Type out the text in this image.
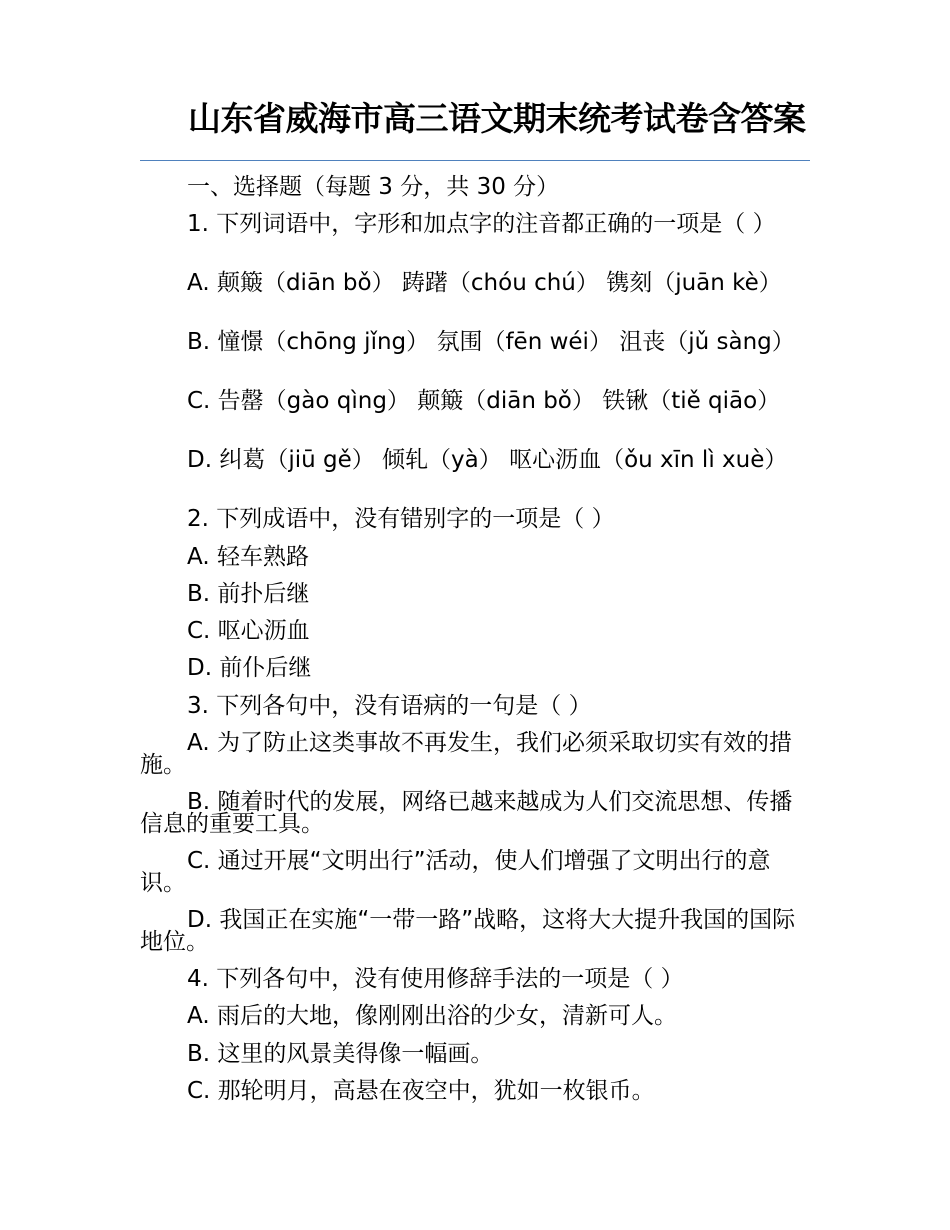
山东省威海市高三语文期末统考试卷含答案

一、选择题（每题 3 分，共 30 分）

1. 下列词语中，字形和加点字的注音都正确的一项是（ ）

A. 颠簸（diān bǒ） 踌躇（chóu chú） 镌刻（juān kè）

B. 憧憬（chōng jǐng） 氛围（fēn wéi） 沮丧（jǔ sàng）

C. 告罄（gào qìng） 颠簸（diān bǒ） 铁锹（tiě qiāo）

D. 纠葛（jiū gě） 倾轧（yà） 呕心沥血（ǒu xīn lì xuè）

2. 下列成语中，没有错别字的一项是（ ）

A. 轻车熟路

B. 前扑后继

C. 呕心沥血

D. 前仆后继

3. 下列各句中，没有语病的一句是（ ）

A. 为了防止这类事故不再发生，我们必须采取切实有效的措施。

B. 随着时代的发展，网络已越来越成为人们交流思想、传播信息的重要工具。

C. 通过开展“文明出行”活动，使人们增强了文明出行的意识。

D. 我国正在实施“一带一路”战略，这将大大提升我国的国际地位。

4. 下列各句中，没有使用修辞手法的一项是（ ）

A. 雨后的大地，像刚刚出浴的少女，清新可人。

B. 这里的风景美得像一幅画。

C. 那轮明月，高悬在夜空中，犹如一枚银币。
